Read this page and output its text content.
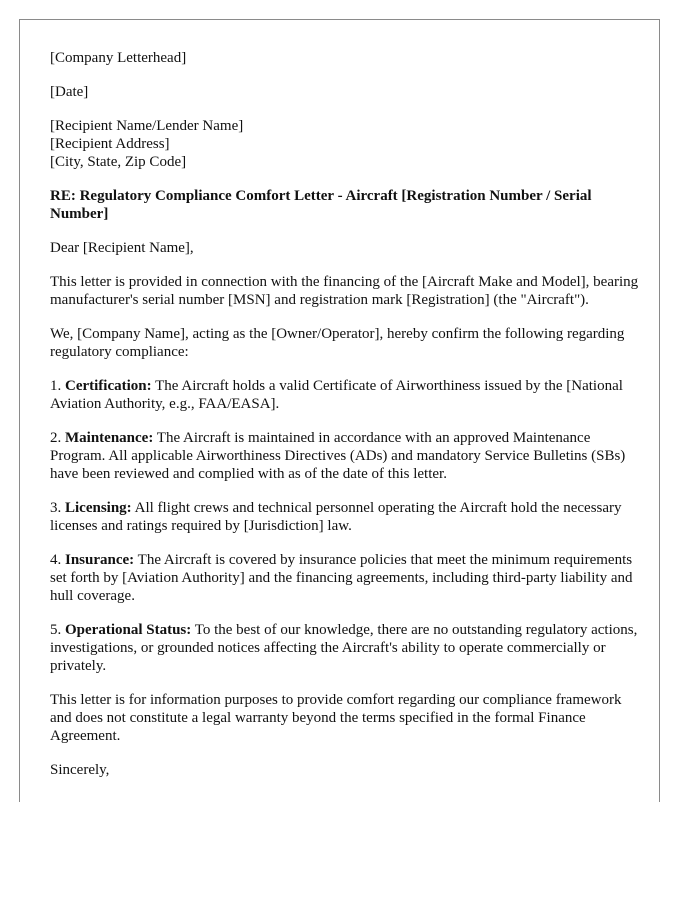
[Company Letterhead]

[Date]

[Recipient Name/Lender Name]
[Recipient Address]
[City, State, Zip Code]

RE: Regulatory Compliance Comfort Letter - Aircraft [Registration Number / Serial Number]

Dear [Recipient Name],

This letter is provided in connection with the financing of the [Aircraft Make and Model], bearing manufacturer's serial number [MSN] and registration mark [Registration] (the "Aircraft").

We, [Company Name], acting as the [Owner/Operator], hereby confirm the following regarding regulatory compliance:

1. Certification: The Aircraft holds a valid Certificate of Airworthiness issued by the [National Aviation Authority, e.g., FAA/EASA].

2. Maintenance: The Aircraft is maintained in accordance with an approved Maintenance Program. All applicable Airworthiness Directives (ADs) and mandatory Service Bulletins (SBs) have been reviewed and complied with as of the date of this letter.

3. Licensing: All flight crews and technical personnel operating the Aircraft hold the necessary licenses and ratings required by [Jurisdiction] law.

4. Insurance: The Aircraft is covered by insurance policies that meet the minimum requirements set forth by [Aviation Authority] and the financing agreements, including third-party liability and hull coverage.

5. Operational Status: To the best of our knowledge, there are no outstanding regulatory actions, investigations, or grounded notices affecting the Aircraft's ability to operate commercially or privately.

This letter is for information purposes to provide comfort regarding our compliance framework and does not constitute a legal warranty beyond the terms specified in the formal Finance Agreement.

Sincerely,
